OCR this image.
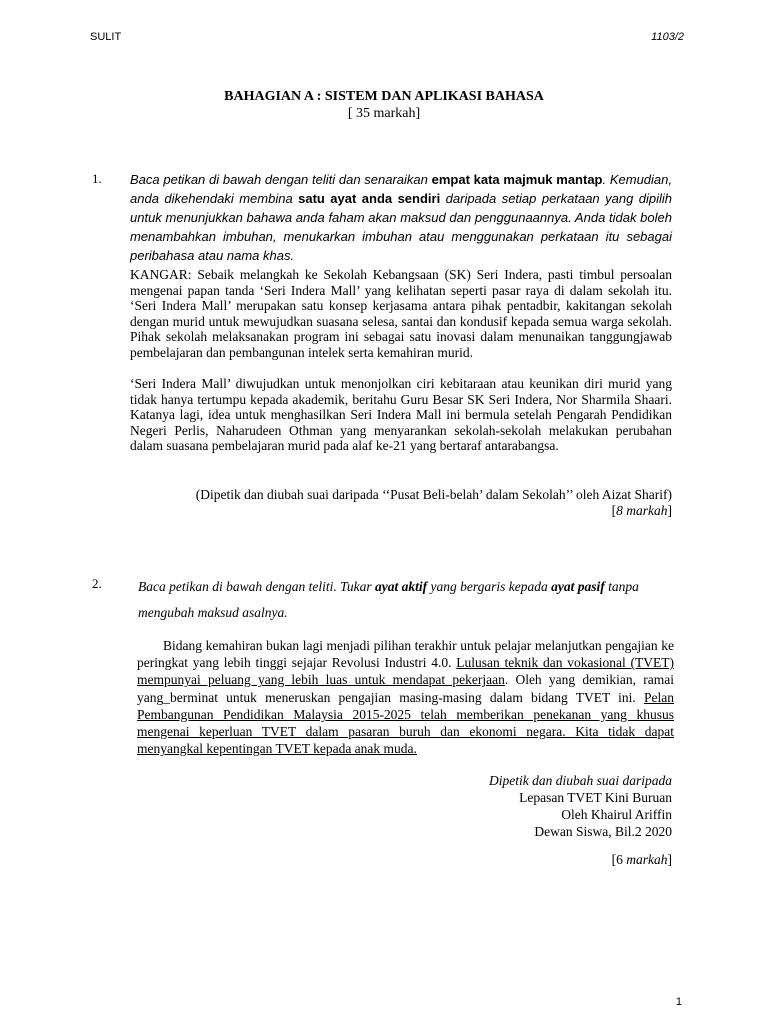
SULIT	1103/2
BAHAGIAN A : SISTEM DAN APLIKASI BAHASA
[ 35 markah]
1. Baca petikan di bawah dengan teliti dan senaraikan empat kata majmuk mantap. Kemudian, anda dikehendaki membina satu ayat anda sendiri daripada setiap perkataan yang dipilih untuk menunjukkan bahawa anda faham akan maksud dan penggunaannya. Anda tidak boleh menambahkan imbuhan, menukarkan imbuhan atau menggunakan perkataan itu sebagai peribahasa atau nama khas.
KANGAR: Sebaik melangkah ke Sekolah Kebangsaan (SK) Seri Indera, pasti timbul persoalan mengenai papan tanda ‘Seri Indera Mall’ yang kelihatan seperti pasar raya di dalam sekolah itu. ‘Seri Indera Mall’ merupakan satu konsep kerjasama antara pihak pentadbir, kakitangan sekolah dengan murid untuk mewujudkan suasana selesa, santai dan kondusif kepada semua warga sekolah. Pihak sekolah melaksanakan program ini sebagai satu inovasi dalam menunaikan tanggungjawab pembelajaran dan pembangunan intelek serta kemahiran murid.
‘Seri Indera Mall’ diwujudkan untuk menonjolkan ciri kebitaraan atau keunikan diri murid yang tidak hanya tertumpu kepada akademik, beritahu Guru Besar SK Seri Indera, Nor Sharmila Shaari. Katanya lagi, idea untuk menghasilkan Seri Indera Mall ini bermula setelah Pengarah Pendidikan Negeri Perlis, Naharudeen Othman yang menyarankan sekolah-sekolah melakukan perubahan dalam suasana pembelajaran murid pada alaf ke-21 yang bertaraf antarabangsa.
(Dipetik dan diubah suai daripada ‘‘Pusat Beli-belah’ dalam Sekolah’’ oleh Aizat Sharif)
[8 markah]
2.	Baca petikan di bawah dengan teliti. Tukar ayat aktif yang bergaris kepada ayat pasif tanpa mengubah maksud asalnya.
Bidang kemahiran bukan lagi menjadi pilihan terakhir untuk pelajar melanjutkan pengajian ke peringkat yang lebih tinggi sejajar Revolusi Industri 4.0. Lulusan teknik dan vokasional (TVET) mempunyai peluang yang lebih luas untuk mendapat pekerjaan. Oleh yang demikian, ramai yang_berminat untuk meneruskan pengajian masing-masing dalam bidang TVET ini. Pelan Pembangunan Pendidikan Malaysia 2015-2025 telah memberikan penekanan yang khusus mengenai keperluan TVET dalam pasaran buruh dan ekonomi negara. Kita tidak dapat menyangkal kepentingan TVET kepada anak muda.
Dipetik dan diubah suai daripada
Lepasan TVET Kini Buruan
Oleh Khairul Ariffin
Dewan Siswa, Bil.2 2020
[6 markah]
1
